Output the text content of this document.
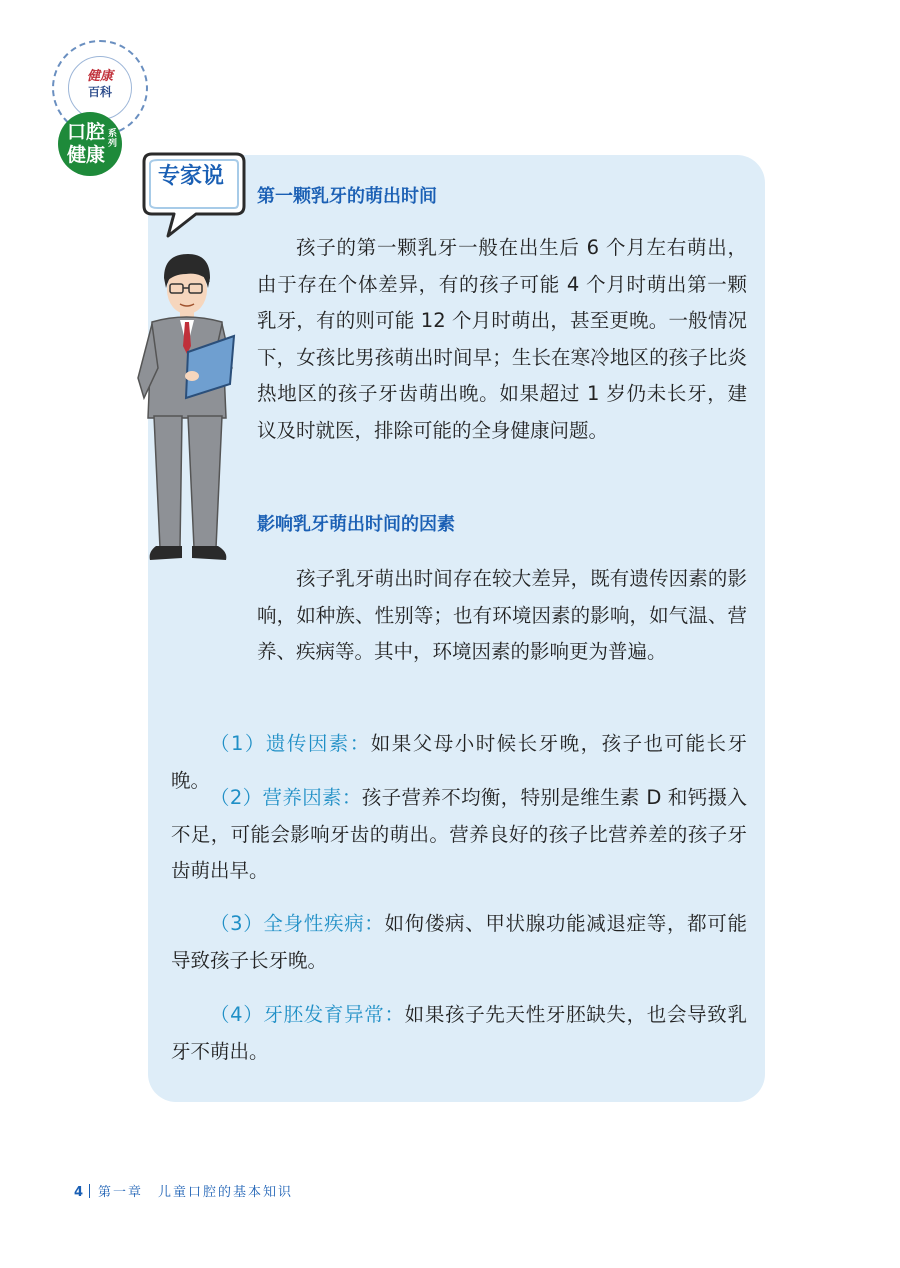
健康
百科
口腔
健康
系列
专家说
第一颗乳牙的萌出时间

孩子的第一颗乳牙一般在出生后 6 个月左右萌出，由于存在个体差异，有的孩子可能 4 个月时萌出第一颗乳牙，有的则可能 12 个月时萌出，甚至更晚。一般情况下，女孩比男孩萌出时间早；生长在寒冷地区的孩子比炎热地区的孩子牙齿萌出晚。如果超过 1 岁仍未长牙，建议及时就医，排除可能的全身健康问题。

影响乳牙萌出时间的因素

孩子乳牙萌出时间存在较大差异，既有遗传因素的影响，如种族、性别等；也有环境因素的影响，如气温、营养、疾病等。其中，环境因素的影响更为普遍。

（1）遗传因素：如果父母小时候长牙晚，孩子也可能长牙晚。

（2）营养因素：孩子营养不均衡，特别是维生素 D 和钙摄入不足，可能会影响牙齿的萌出。营养良好的孩子比营养差的孩子牙齿萌出早。

（3）全身性疾病：如佝偻病、甲状腺功能减退症等，都可能导致孩子长牙晚。

（4）牙胚发育异常：如果孩子先天性牙胚缺失，也会导致乳牙不萌出。

4 第一章　儿童口腔的基本知识
